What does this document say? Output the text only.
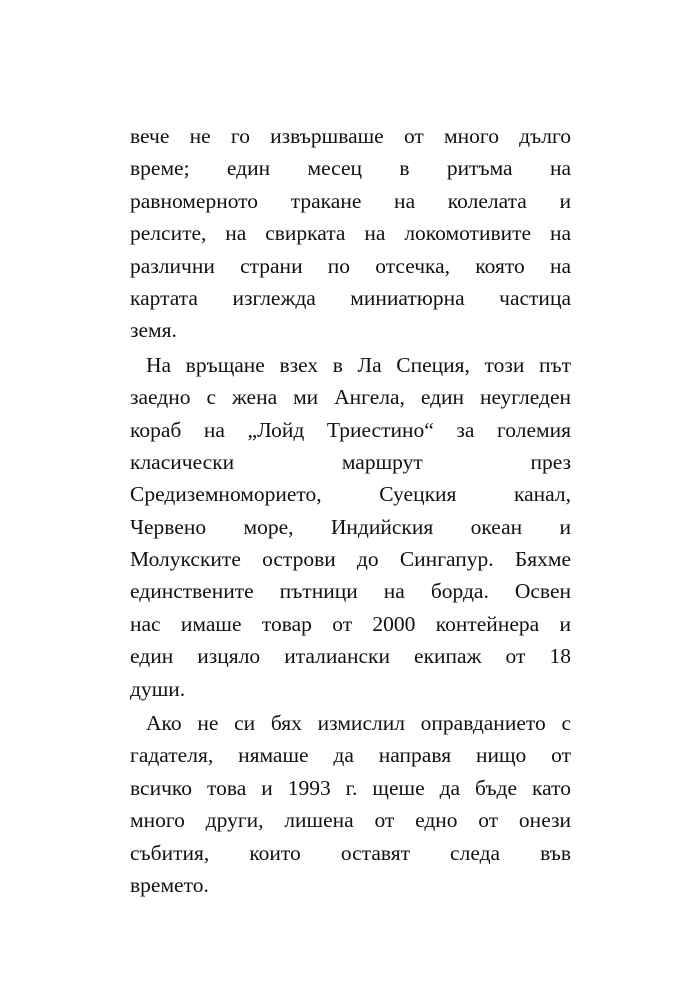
вече не го извършваше от много дълго
време; един месец в ритъма на
равномерното тракане на колелата и
релсите, на свирката на локомотивите на
различни страни по отсечка, която на
картата изглежда миниатюрна частица
земя.
На връщане взех в Ла Специя, този път
заедно с жена ми Ангела, един неугледен
кораб на „Лойд Триестино“ за големия
класически маршрут през
Средиземноморието, Суецкия канал,
Червено море, Индийския океан и
Молукските острови до Сингапур. Бяхме
единствените пътници на борда. Освен
нас имаше товар от 2000 контейнера и
един изцяло италиански екипаж от 18
души.
Ако не си бях измислил оправданието с
гадателя, нямаше да направя нищо от
всичко това и 1993 г. щеше да бъде като
много други, лишена от едно от онези
събития, които оставят следа във
времето.
